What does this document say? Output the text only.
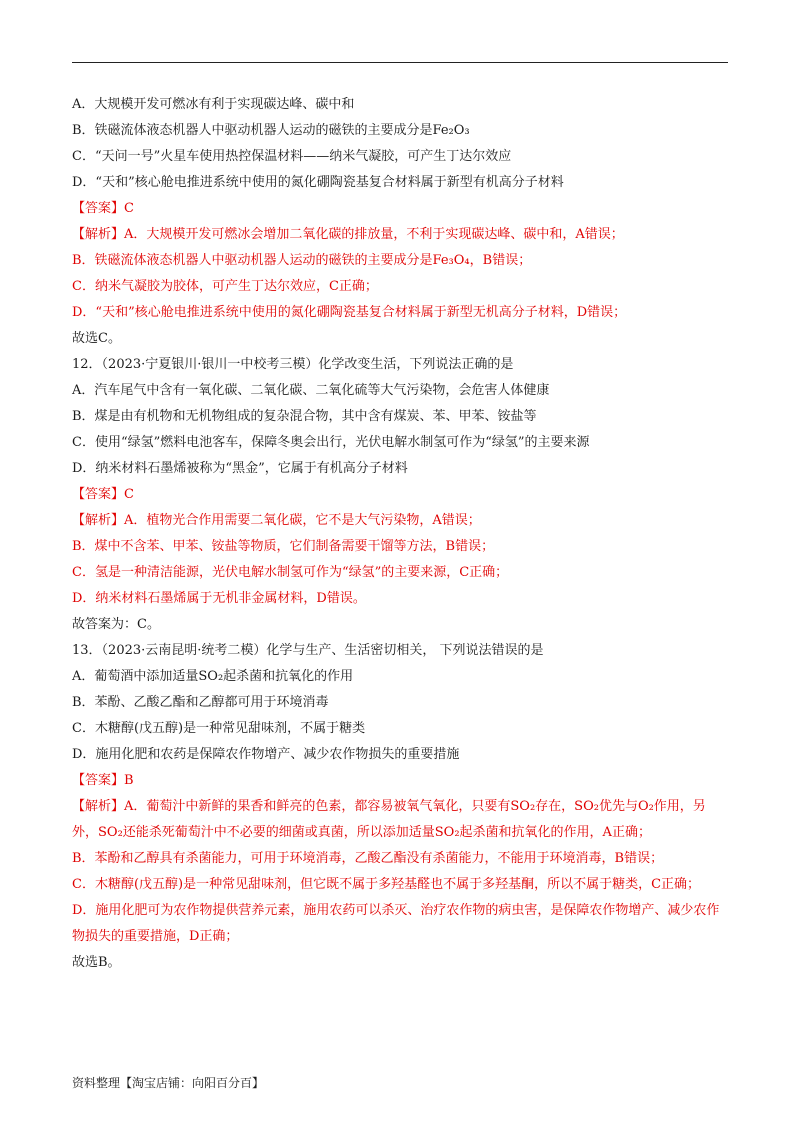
A．大规模开发可燃冰有利于实现碳达峰、碳中和
B．铁磁流体液态机器人中驱动机器人运动的磁铁的主要成分是Fe₂O₃
C．“天问一号”火星车使用热控保温材料——纳米气凝胶，可产生丁达尔效应
D．“天和”核心舱电推进系统中使用的氮化硼陶瓷基复合材料属于新型有机高分子材料
【答案】C
【解析】A．大规模开发可燃冰会增加二氧化碳的排放量，不利于实现碳达峰、碳中和，A错误；
B．铁磁流体液态机器人中驱动机器人运动的磁铁的主要成分是Fe₃O₄，B错误；
C．纳米气凝胶为胶体，可产生丁达尔效应，C正确；
D．“天和”核心舱电推进系统中使用的氮化硼陶瓷基复合材料属于新型无机高分子材料，D错误；
故选C。
12．（2023·宁夏银川·银川一中校考三模）化学改变生活，下列说法正确的是
A．汽车尾气中含有一氧化碳、二氧化碳、二氧化硫等大气污染物，会危害人体健康
B．煤是由有机物和无机物组成的复杂混合物，其中含有煤炭、苯、甲苯、铵盐等
C．使用“绿氢”燃料电池客车，保障冬奥会出行，光伏电解水制氢可作为“绿氢”的主要来源
D．纳米材料石墨烯被称为“黑金”，它属于有机高分子材料
【答案】C
【解析】A．植物光合作用需要二氧化碳，它不是大气污染物，A错误；
B．煤中不含苯、甲苯、铵盐等物质，它们制备需要干馏等方法，B错误；
C．氢是一种清洁能源，光伏电解水制氢可作为“绿氢”的主要来源，C正确；
D．纳米材料石墨烯属于无机非金属材料，D错误。
故答案为：C。
13．（2023·云南昆明·统考二模）化学与生产、生活密切相关， 下列说法错误的是
A．葡萄酒中添加适量SO₂起杀菌和抗氧化的作用
B．苯酚、乙酸乙酯和乙醇都可用于环境消毒
C．木糖醇(戊五醇)是一种常见甜味剂，不属于糖类
D．施用化肥和农药是保障农作物增产、减少农作物损失的重要措施
【答案】B
【解析】A．葡萄汁中新鲜的果香和鲜亮的色素，都容易被氧气氧化，只要有SO₂存在，SO₂优先与O₂作用，另外，SO₂还能杀死葡萄汁中不必要的细菌或真菌，所以添加适量SO₂起杀菌和抗氧化的作用，A正确；
B．苯酚和乙醇具有杀菌能力，可用于环境消毒，乙酸乙酯没有杀菌能力，不能用于环境消毒，B错误；
C．木糖醇(戊五醇)是一种常见甜味剂，但它既不属于多羟基醛也不属于多羟基酮，所以不属于糖类，C正确；
D．施用化肥可为农作物提供营养元素，施用农药可以杀灭、治疗农作物的病虫害，是保障农作物增产、减少农作物损失的重要措施，D正确；
故选B。
资料整理【淘宝店铺：向阳百分百】
